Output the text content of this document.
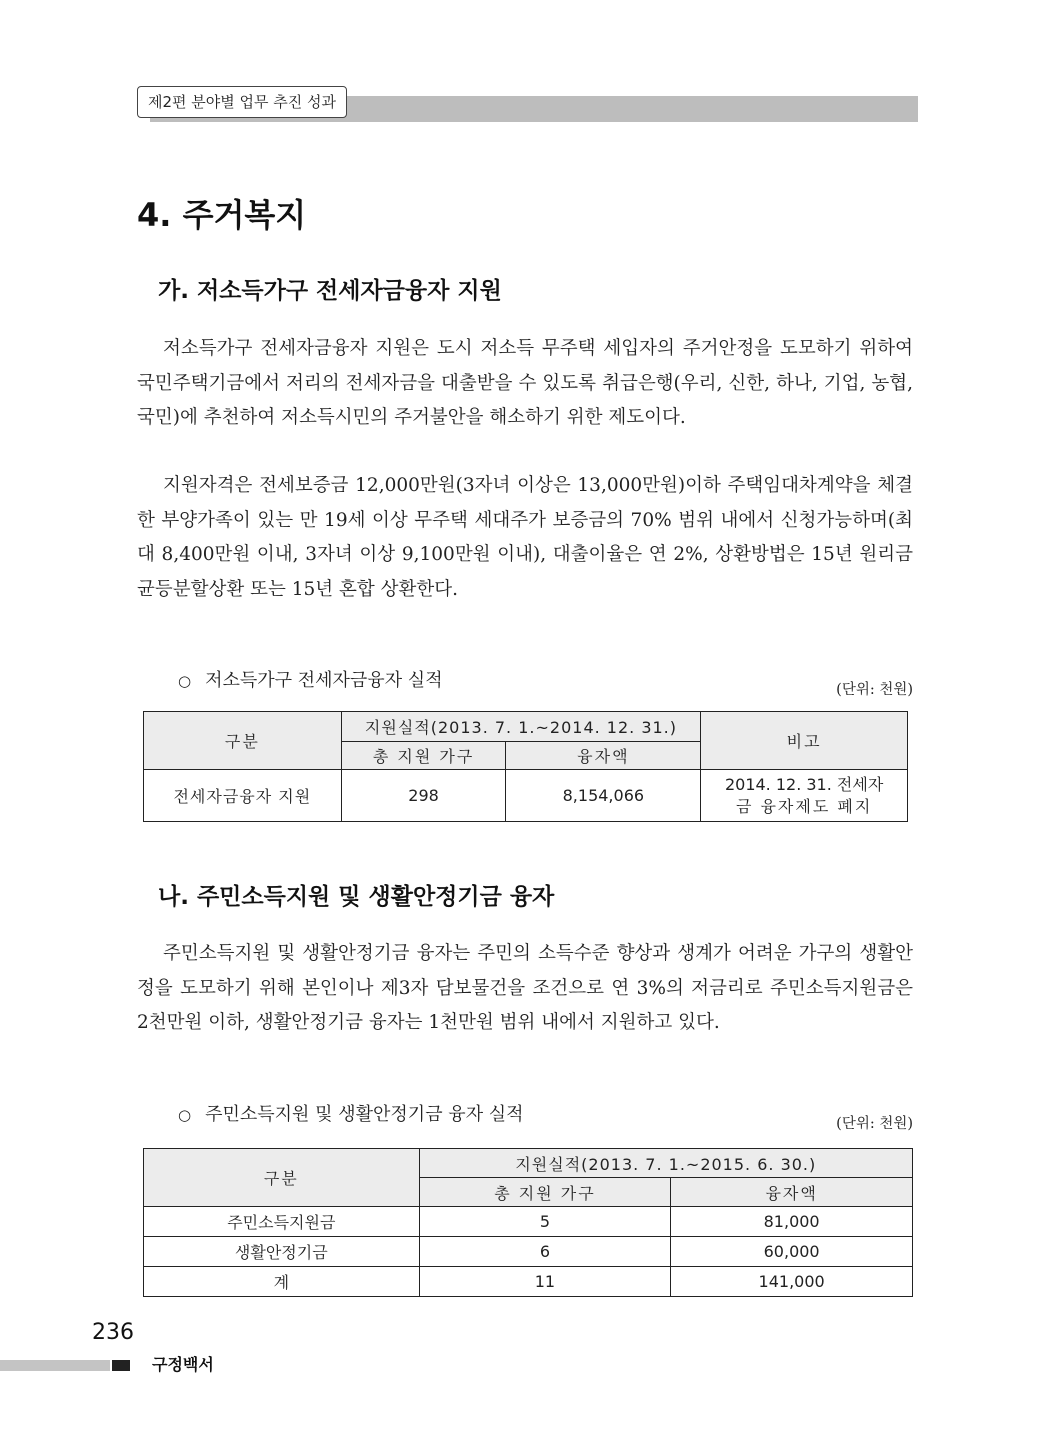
제2편 분야별 업무 추진 성과
4. 주거복지
가. 저소득가구 전세자금융자 지원

저소득가구 전세자금융자 지원은 도시 저소득 무주택 세입자의 주거안정을 도모하기 위하여 국민주택기금에서 저리의 전세자금을 대출받을 수 있도록 취급은행(우리, 신한, 하나, 기업, 농협, 국민)에 추천하여 저소득시민의 주거불안을 해소하기 위한 제도이다.

지원자격은 전세보증금 12,000만원(3자녀 이상은 13,000만원)이하 주택임대차계약을 체결한 부양가족이 있는 만 19세 이상 무주택 세대주가 보증금의 70% 범위 내에서 신청가능하며(최대 8,400만원 이내, 3자녀 이상 9,100만원 이내), 대출이율은 연 2%, 상환방법은 15년 원리금균등분할상환 또는 15년 혼합 상환한다.

○ 저소득가구 전세자금융자 실적	(단위: 천원)
구분	지원실적(2013. 7. 1.~2014. 12. 31.)		비고
	총 지원 가구	융자액	
전세자금융자 지원	298	8,154,066	2014. 12. 31. 전세자
금 융자제도 폐지
나. 주민소득지원 및 생활안정기금 융자

주민소득지원 및 생활안정기금 융자는 주민의 소득수준 향상과 생계가 어려운 가구의 생활안정을 도모하기 위해 본인이나 제3자 담보물건을 조건으로 연 3%의 저금리로 주민소득지원금은 2천만원 이하, 생활안정기금 융자는 1천만원 범위 내에서 지원하고 있다.

○ 주민소득지원 및 생활안정기금 융자 실적	(단위: 천원)
구분	지원실적(2013. 7. 1.~2015. 6. 30.)	
	총 지원 가구	융자액
주민소득지원금	5	81,000
생활안정기금	6	60,000
계	11	141,000
236
구정백서
